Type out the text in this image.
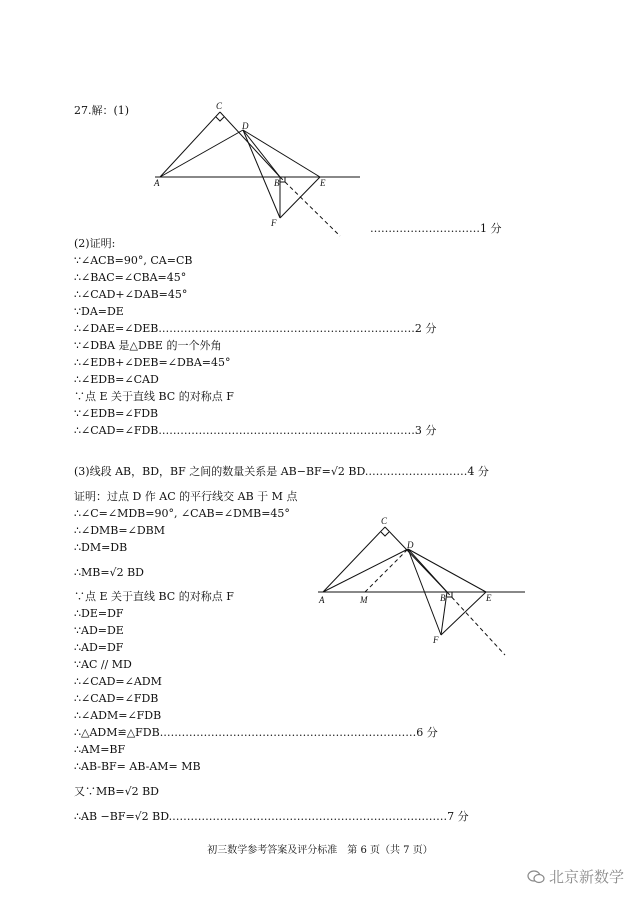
27.解：(1)	C
D
A	B	E
F	…………………………1 分
(2)证明:
∵∠ACB=90°, CA=CB
∴∠BAC=∠CBA=45°
∴∠CAD+∠DAB=45°
∵DA=DE
∴∠DAE=∠DEB.……………………………………………………………2 分
∵∠DBA 是△DBE 的一个外角
∴∠EDB+∠DEB=∠DBA=45°
∴∠EDB=∠CAD
∵点 E 关于直线 BC 的对称点 F
∵∠EDB=∠FDB
∴∠CAD=∠FDB.……………………………………………………………3 分
(3)线段 AB，BD，BF 之间的数量关系是 AB−BF=√2 BD.………………………4 分
证明：过点 D 作 AC 的平行线交 AB 于 M 点
∴∠C=∠MDB=90°, ∠CAB=∠DMB=45°
∴∠DMB=∠DBM
∴DM=DB
∴MB=√2 BD
∵点 E 关于直线 BC 的对称点 F
∴DE=DF
∵AD=DE
∴AD=DF
∵AC // MD
∴∠CAD=∠ADM
∴∠CAD=∠FDB
∴∠ADM=∠FDB
∴△ADM≌△FDB.……………………………………………………………6 分
∴AM=BF
∴AB-BF= AB-AM= MB
又∵MB=√2 BD
∴AB −BF=√2 BD.…………………………………………………………………7 分
C
D
A	M	B	E
F
初三数学参考答案及评分标准　第 6 页（共 7 页）
北京新数学
